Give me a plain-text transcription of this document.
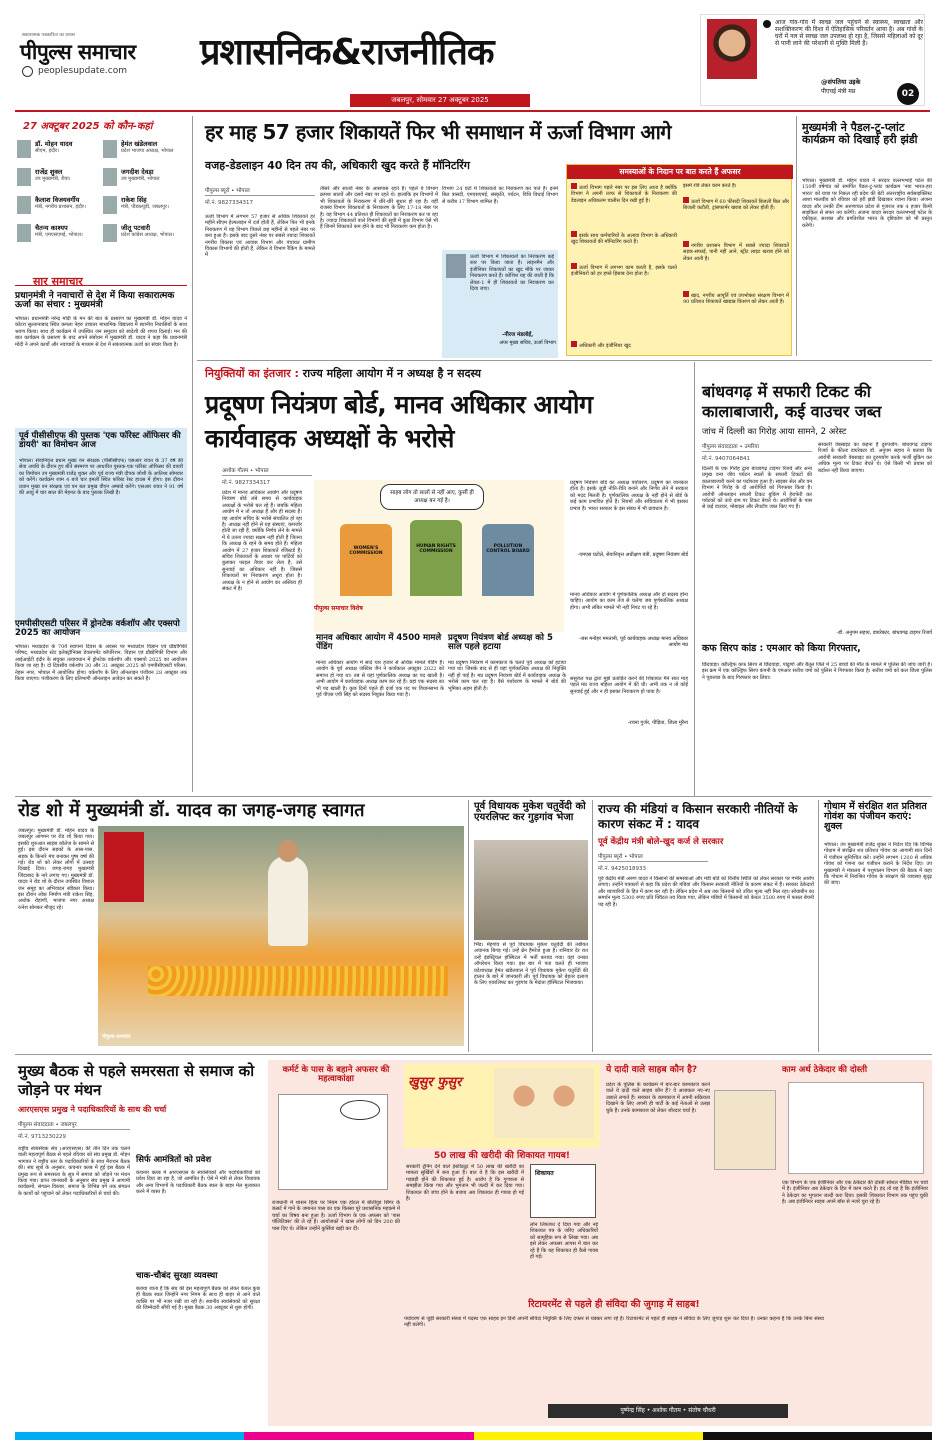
सकारात्मक पत्रकारिता का प्रयास
पीपुल्स समाचार
peoplesupdate.com प्रशासनिक&राजनीतिक
जबलपुर, सोमवार 27 अक्टूबर 2025
आज गांव-गांव में स्वच्छ जल पहुंचने से स्वास्थ्य, स्वच्छता और सशक्तिकरण की दिशा में ऐतिहासिक परिवर्तन आया है। अब गांवों के घरों में नल से स्वच्छ जल उपलब्ध हो रहा है, जिससे महिलाओं को दूर से पानी लाने की परेशानी से मुक्ति मिली है।
@संपतिया उइके
पीएचई मंत्री मप्र	02
27 अक्टूबर 2025 को कौन-कहां
डॉ. मोहन यादव
सीएम, इंदौर।
हेमंत खंडेलवाल
प्रदेश भाजपा अध्यक्ष, भोपाल
राजेंद्र शुक्ल
उप मुख्यमंत्री, रीवा।
जगदीश देवड़ा
उप मुख्यमंत्री, भोपाल
कैलाश विजयवर्गीय
मंत्री, नगरीय प्रशासन, इंदौर।
राकेश सिंह
मंत्री, पीडब्ल्यूडी, जबलपुर।
चैतन्य काश्यप
मंत्री, एमएसएमई, भोपाल।
जीतू पटवारी
प्रदेश कांग्रेस अध्यक्ष, भोपाल।
सार समाचार
प्रधानमंत्री ने नवाचारों से देश में किया सकारात्मक ऊर्जा का संचार : मुख्यमंत्री
भोपाल। प्रधानमंत्री नरेन्द्र मोदी के मन की बात के प्रसारण का मुख्यमंत्री डॉ. मोहन यादव ने कोटरा सुल्तानाबाद स्थित कमला नेहरु उच्चतर माध्यमिक विद्यालय में स्थानीय निवासियों के साथ श्रवण किया। साथ ही कार्यक्रम में उपस्थित जन समुदाय को स्वदेशी की शपथ दिलाई। मन की बात कार्यक्रम के प्रसारण के बाद अपने संबोधन में मुख्यमंत्री डॉ. यादव ने कहा कि प्रधानमंत्री मोदी ने अपने कार्यों और नवाचारों के माध्यम से देश में सकारात्मक ऊर्जा का संचार किया है।
पूर्व पीसीसीएफ की पुस्तक 'एक फॉरेस्ट ऑफिसर की डायरी' का विमोचन आज
भोपाल। सेवानिवृत्त प्रधान मुख्य वन संरक्षक (पीसीसीएफ) एसआर रावत के 37 वर्ष की सेवा अवधि के दौरान हुए बीते संस्मरण पर आधारित पुस्तक-एक फॉरेस्ट ऑफिसर की डायरी का विमोचन उप मुख्यमंत्री राजेंद्र शुक्ल और पूर्व राज्य मंत्री दीपक जोशी के आतिथ्य सोमवार को करेंगे। कार्यक्रम शाम 4 बजे चार इमली स्थित फॉरेस्ट रेस्ट हाउस में होगा। इस दौरान प्रधान मुख्य वन संरक्षक एवं वन बल प्रमुख वीएन अम्बाडे करेंगे। एसआर रावत ने 91 वर्ष की आयु में चार साल की मेहनत के बाद पुस्तक लिखी है।
एमपीसीएसटी परिसर में ड्रोनटेक वर्कशॉप और एक्सपो 2025 का आयोजन
भोपाल। मध्यप्रदेश के 70वें स्थापना दिवस के अवसर पर मध्यप्रदेश विज्ञान एवं प्रौद्योगिकी परिषद, मध्यप्रदेश स्टेट इलेक्ट्रॉनिक्स डेवलपमेंट कॉर्पोरेशन, विज्ञान एवं प्रौद्योगिकी विभाग और आईआईटी इंदौर के संयुक्त तत्वावधान में ड्रोनटेक वर्कशॉप और एक्सपो 2025 का आयोजन किया जा रहा है। दो दिवसीय वर्कशॉप 30 और 31 अक्टूबर 2025 को एमपीसीएसटी परिसर, नेहरू नगर, भोपाल में आयोजित होगा। वर्कशॉप के लिए ऑनलाइन पंजीयन 28 अक्टूबर तक किया जाएगा। पंजीकरण के लिए प्रतिभागी ऑनलाइन आवेदन कर सकते हैं।
हर माह 57 हजार शिकायतें फिर भी समाधान में ऊर्जा विभाग आगे
वजह-डेडलाइन 40 दिन तय की, अधिकारी खुद करते हैं मॉनिटरिंग
पीपुल्स ब्यूरो • भोपाल
मो.नं. 9827334317
ऊर्जा विभाग में लगभग 57 हजार से अधिक शिकायतें हर महीने सीएम हेल्पलाइन में दर्ज होती हैं, लेकिन फिर भी इनके निराकरण में यह विभाग पिछले छह महीनों से पहले नंबर पर बना हुआ है। इसके बाद दूसरे नंबर पर सबसे ज्यादा शिकायतें नगरीय विकास एवं आवास विभाग और पंचायत ग्रामीण विकास विभागों की होती हैं, लेकिन ये विभाग रैंकिंग के मामले में
तीसरे और सातवें नंबर के आसपास रहते हैं। पहले ये विभाग क्रमशः सातवें और दसवें नंबर पर रहते थे। हालांकि इन विभागों में भी शिकायतों के निराकरण में धीरे-धीरे सुधार हो रहा है। वहीं राजस्व विभाग शिकायतों के निराकरण के लिए 17-18 नंबर पर है। यह विभाग 44 प्रतिशत ही शिकायतों का निराकरण कर पा रहा है। ज्यादा शिकायतों वाले विभागों की सूची में कुछ विभाग ऐसे भी हैं जिनमें शिकायतें कम होने के बाद भी निराकरण कम होता है।
विभाग 24 घंटों में शिकायतों का निराकरण कर पाते हैं। इनमें बिल त्रासदी, एमएसएमई, संस्कृति, पर्यटन, विधि विधाई विभाग से करीब 17 विभाग शामिल हैं।
ऊर्जा विभाग में शिकायतों का निराकरण कई स्तर पर किया जाता है। लाइनमैन और इंजीनियर शिकायतों का खुद मौके पर जाकर निराकरण करते हैं। कोशिश यह की जाती है कि लेवल-1 में ही शिकायतों का निराकरण कर दिया जाए।
-नीरज मंडलोई,
अपर मुख्य सचिव, ऊर्जा विभाग
समस्याओं के निदान पर बात करते हैं अफसर
ऊर्जा विभाग पहले नंबर पर इस लिए आता है क्योंकि विभाग ने अपनी तरफ से शिकायतों के निराकरण की डेडलाइन अधिकतम चालीस दिन रखी हुई है।
इसके साथ कर्मचारियों के अलावा विभाग के अधिकारी खुद शिकायतों की मॉनिटरिंग करते हैं।
ऊर्जा विभाग में लगभग काम करती है, इसके चलते इंजीनियरों को हर हफ्ते हिसाब देना होता है।
अधिकारी और इंजीनियर खुद
इसमें रवि लेकर काम करते हैं।
ऊर्जा विभाग में 60 फीसदी शिकायतें बिजली बिल और बिजली कटौती, ट्रांसफार्मर खराब को लेकर होती हैं।
नगरीय प्रशासन विभाग में सबसे ज्यादा शिकायतें सड़क-सफाई, पानी नहीं आने, स्ट्रीट लाइट खराब होने को लेकर आती है।
खाद, नगरीय आपूर्ति एवं उपभोक्ता संरक्षण विभाग में 90 प्रतिशत शिकायतें खाद्यान्न वितरण को लेकर आती हैं।
मुख्यमंत्री ने पैडल-टू-प्लांट कार्यक्रम को दिखाई हरी झंडी
भोपाल। मुख्यमंत्री डॉ. मोहन यादव ने सरदार वल्लभभाई पटेल की 150वीं वर्षगांठ को समर्पित पैडल-टू-प्लांट कार्यक्रम 'नया भारत-हरा भारत' को यात्रा पर निकल रही प्रदेश की बेटी अंतरराष्ट्रीय सर्वसाइक्लिस्ट आशा मालवीय को रविवार को हरी झंडी दिखाकर रवाना किया। अंजना यादव और उनकी टीम अरुणाचल प्रदेश से गुजरात तक 4 हजार किमी साइकिल से सफर तय करेंगी। अंजना यादव सरदार वल्लभभाई पटेल के एकीकृत, सशक्त और प्रगतिशील भारत के दृष्टिकोण को भी प्रस्तुत करेंगी।
नियुक्तियों का इंतजार : राज्य महिला आयोग में न अध्यक्ष है न सदस्य
प्रदूषण नियंत्रण बोर्ड, मानव अधिकार आयोग कार्यवाहक अध्यक्षों के भरोसे
अशोक गौतम • भोपाल
मो.नं. 9827334317
प्रदेश में मानव अधिकार आयोग और प्रदूषण नियंत्रण बोर्ड लंबे समय से कार्यवाहक अध्यक्षों के भरोसे चल रहे हैं। जबकि महिला आयोग में न तो अध्यक्ष हैं और ही सदस्य हैं। यह आयोग सचिव के भरोसे संचालित हो रहा है। अध्यक्ष नहीं होने से यह संस्थाएं, कमजोर होती जा रही हैं, क्योंकि निर्णय लेने के मामले में ये उतना ज्यादा सक्षम नहीं होती हैं जितना कि अध्यक्ष के रहने के समय होते हैं। महिला आयोग में 27 हजार शिकायतें रजिस्टर्ड हैं। सचिव शिकायतों के आधार पर पार्टियों को बुलाकर फाइल तैयार कर लेता है, उसे सुनवाई का अधिकार नहीं है। जिससे शिकायतों पर निराकरण अधूरा होता है। अध्यक्ष के न होने से आयोग का अस्तित्व ही संकट में है।
साहब लोग तो सालों से नहीं आए, कुर्सी ही अध्यक्ष बन गई है।
WOMEN'S COMMISSION
HUMAN RIGHTS COMMISSION
POLLUTION CONTROL BOARD
पीपुल्स समाचार विशेष
मानव अधिकार आयोग में 4500 मामले पेंडिंग
मानव अधिकार आयोग में सादे चार हजार से अधिक मामले पेंडिंग हैं। आयोग के पूर्व अध्यक्ष जस्टिस जैन ने कार्यकाल अक्टूबर 2022 को समाप्त हो गया था। तब से यहां पूर्णकालिक अध्यक्ष का पद खाली है। अभी आयोग में कार्यवाहक अध्यक्ष काम कर रहे हैं। यहां एक सदस्य का भी पद खाली है। कुछ दिनों पहले ही दर्जा एक पद पर विधानसभा के पूर्व पीएस एपी सिंह को सदस्य नियुक्त किया गया है।
प्रदूषण नियंत्रण बोर्ड अध्यक्ष को 5 साल पहले हटाया
मप्र प्रदूषण नियंत्रण में कामकाज के चलते पूर्व अध्यक्ष को हटाया गया था। जिसके बाद से ही यहां पूर्णकालिक अध्यक्ष की नियुक्ति नहीं हो पाई है। मप्र प्रदूषण नियंत्रण बोर्ड में कार्यवाहक अध्यक्ष के भरोसे काम चल रहा है। वैसे पर्यावरण के मामले में बोर्ड की भूमिका अहम होती है।
प्रदूषण नियंत्रण बोर्ड का अध्यक्ष पर्यावरण, प्रदूषण का जानकार होता है। इसके जुड़ी नीति-रीति बनाने और निर्णय लेने में सरकार को मदद मिलती है। पूर्णकालिक अध्यक्ष के नहीं होने से बोर्ड के कई काम प्रभावित होते हैं। नियमों और सचिवालय में भी इसका प्रभाव है। भारत सरकार के इस संबंध में भी प्रावधान है।
-एमएस घटोले, सेवानिवृत्त अधीक्षण यंत्री, प्रदूषण नियंत्रण बोर्ड
मानव अधिकार आयोग में पूर्णकालिक अध्यक्ष और दो सदस्य होना चाहिए। आयोग का काम तेज से चलेगा जब पूर्णकालिक अध्यक्ष होगा। अभी लंबित मामले भी नहीं निपट पा रहे हैं।
-जस मनोहर ममतानी, पूर्व कार्यवाहक अध्यक्ष मानव अधिकार आयोग मप्र
ससुराल पक्ष द्वारा मुझे प्रताड़ित करने की शिकायत मैंने सात माह पहले मप्र राज्य महिला आयोग में की थी। अभी तक न तो कोई सुनवाई हुई और न ही इसका निराकरण हो पाया है।
-रचना गुर्जर, पीड़िता, जिला मुरैना
बांधवगढ़ में सफारी टिकट की कालाबाजारी, कई वाउचर जब्त
जांच में दिल्ली का गिरोह आया सामने, 2 अरेस्ट
पीपुल्स संवाददाता • उमरिया
मो.नं. 9407064841
दिल्ली के एक गिरोह द्वारा बांधवगढ़ टाइगर रिजर्व और अन्य प्रमुख वन्य जीव पर्यटन स्थलों के सफारी टिकटों की कालाबाजारी करने का पर्दाफाश हुआ है। साइबर सेल और वन विभाग ने गिरोह के दो आरोपियों को गिरफ्तार किया है। आरोपी ऑनलाइन सफारी टिकट बुकिंग में हेराफेरी कर पर्यटकों को ऊंचे दाम पर टिकट बेचते थे। आरोपियों के पास से कई वाउचर, मोबाइल और लैपटॉप जब्त किए गए हैं।
सरकारी वेबसाइट का कहना है दुरुपयोग: बांधवगढ़ टाइगर रिजर्व के फील्ड डायरेक्टर डॉ. अनुपम सहाय ने बताया कि आरोपी सरकारी वेबसाइट का दुरुपयोग करके फर्जी बुकिंग कर अधिक मूल्य पर टिकट बेचते थे। ऐसे किसी भी प्रयास को बर्दाश्त नहीं किया जाएगा।
-डॉ. अनुपम सहाय, डायरेक्टर, बांधवगढ़ टाइगर रिजर्व
कफ सिरप कांड : एमआर को किया गिरफ्तार,
छिंदवाड़ा। कोल्ड्रिफ कफ सिरप से छिंदवाड़ा, पांढुर्णा और बैतूल जिले में 25 बच्चों की मौत के मामले में पुलिस की जांच जारी है। इस क्रम में एक कोल्ड्रिफ सिरप कंपनी के एमआर सतीश वर्मा को पुलिस ने गिरफ्तार किया है। सतीश वर्मा को कल जिला पुलिस ने पूछताछ के बाद गिरफ्तार कर लिया।
रोड शो में मुख्यमंत्री डॉ. यादव का जगह-जगह स्वागत
जबलपुर। मुख्यमंत्री डॉ. मोहन यादव के जबलपुर आगमन पर रोड शो किया गया। इसकी शुरुआत साइंस कॉलेज के सामने से हुई। इस दौरान सड़कों के आस-पास, सड़क के किनारे मंच बनाकर पुष्प वर्षा की गई। रोड शो को लेकर लोगों में उत्साह दिखाई दिया। जगह-जगह मुख्यमंत्री जिंदाबाद के नारे लगाए गए। मुख्यमंत्री डॉ. यादव ने रोड शो के दौरान उपस्थित विशाल जन समूह का अभिवादन स्वीकार किया। इस दौरान लोक निर्माण मंत्री राकेश सिंह, अशोक रोहाणी, भाजपा नगर अध्यक्ष रत्नेश सोनकर मौजूद रहे।
पीपुल्स समाचार
पूर्व विधायक मुकेश चतुर्वेदी को एयरलिफ्ट कर गुड़गांव भेजा
भिंड। मेहगांव से पूर्व विधायक मुकेश चतुर्वेदी की तबीयत अचानक बिगड़ गई। उन्हें ब्रेन हैमरेज हुआ है। शनिवार देर रात उन्हें इंडस्ट्रियल हॉस्पिटल में भर्ती कराया गया। वहां उनका ऑपरेशन किया गया। इस बार में पता चलते ही भाजपा प्रदेशाध्यक्ष हेमंत खंडेलवाल ने पूर्व विधायक मुकेश चतुर्वेदी की हालत के बारे में जानकारी ली। पूर्व विधायक को बेहतर इलाज के लिए एयरलिफ्ट कर गुड़गांव के मेदांता हॉस्पिटल भिजवाया।
राज्य की मंडियां व किसान सरकारी नीतियों के कारण संकट में : यादव
पूर्व केंद्रीय मंत्री बोले-खुद कर्ज ले सरकार
पीपुल्स ब्यूरो • भोपाल
मो.नं. 9425018933
पूर्व केंद्रीय मंत्री अरुण यादव ने किसानों की समस्याओं और मंडी बोर्ड को वित्तीय स्थिति को लेकर सरकार पर गंभीर आरोप लगाए। उन्होंने पत्रकारों से कहा कि प्रदेश की मंडियां और किसान सरकारी नीतियों के कारण संकट में हैं। सरकार ठेकेदारों और व्यापारियों के हित में काम कर रही है। लेकिन प्रदेश में अब तक किसानों को उचित मूल्य नहीं मिल रहा। सोयाबीन का समर्थन मूल्य 5300 रुपए प्रति क्विंटल तय किया गया, लेकिन मंडियों में किसानों को केवल 3500 रुपए में फसल बेचनी पड़ रही है।
गोधाम में संरक्षित शत प्रतिशत गोवंश का पंजीयन कराएं: शुक्ल
भोपाल। उप मुख्यमंत्री राजेंद्र शुक्ल ने निर्देश दिए कि विभिन्न गोधाम में संरक्षित शत प्रतिशत गोवंश का आगामी सात दिनों में पंजीयन सुनिश्चित करें। उन्होंने लगभग 1200 से अधिक गोवंश को गणना कर पंजीयन कराने के निर्देश दिए। उप मुख्यमंत्री ने मंत्रालय में पशुपालन विभाग की बैठक में कहा कि गोधाम में निराश्रित गोवंश के संरक्षण की व्यवस्था सुदृढ़ की जाए।
मुख्य बैठक से पहले समरसता से समाज को जोड़ने पर मंथन
आरएसएस प्रमुख ने पदाधिकारियों के साथ की चर्चा
पीपुल्स संवाददाता • जबलपुर
मो.नं. 9713230229
राष्ट्रीय स्वयंसेवक संघ (आरएसएस) की तीन दिन तक चलने वाली महत्वपूर्ण बैठक से पहले रविवार को संघ प्रमुख डॉ. मोहन भागवत ने राष्ट्रीय स्तर के पदाधिकारियों के साथ मैराथन बैठक की। संघ सूत्रों के अनुसार, कचनार क्लब में हुई इस बैठक में प्रमुख रूप से समरसता के सूत्र में समाज को जोड़ने पर मंथन किया गया। प्राप्त जानकारी के अनुसार संघ प्रमुख ने आगामी कार्यक्रमों, संगठन विस्तार, समाज के विभिन्न वर्ग तक संगठन के कार्यों को पहुंचाने को लेकर पदाधिकारियों से चर्चा की।
सिर्फ आमंत्रितों को प्रवेश
कचनार क्लब में आरएसएस के स्वयंसेवकों और पदाधिकारियों को प्रवेश दिया जा रहा है, जो आमंत्रित हैं। ऐसे में मंत्री से लेकर विधायक और अन्य विभागों के पदाधिकारी बैठक स्थल के बाहर मेल मुलाकात करने में व्यस्त हैं।
चाक-चौबंद सुरक्षा व्यवस्था
बताया जाता है कि संघ की इस महत्वपूर्ण बैठक को लेकर केवल कुछ ही बैठक स्थल जिन्होंने नगर निगम के साथ ही बाहर से आने वाले व्यक्ति पर भी नजर रखी जा रही है। स्थानीय स्वयंसेवकों को सुरक्षा की जिम्मेदारी सौंपी गई है। मुख्य बैठक 30 अक्टूबर से शुरू होगी।
कर्मर्ट के पास के बहाने अफसर की महत्वाकांक्षा
राजधानी में शासन हित्य पर नियम एक होटल में बॉलीवुड सिंगर के कंसर्ट में गाने के जमानत पास का एक किस्सा पूरे प्रशासनिक महकमे में चर्चा का विषय बना हुआ है। ऊर्जा विभाग के एक अफसर को 'पास पॉलिटिक्स' की ले रहे हैं। आयोजकों ने खास लोगों को डिन 200 फ्री पास दिए थे। लेकिन उन्होंने कुर्सियां खड़ी कर दीं।
खुसुर फुसुर
50 लाख की खरीदी की शिकायत गायब!
सरकारी ट्रेनिंग देने वाले इंस्टीट्यूट में 50 लाख की खरीदी का मामला सुर्खियों में बना हुआ है। बात ये है कि इस खरीदी में गड़बड़ी होने की शिकायत हुई है। आरोप है कि गुणवत्ता से समझौता किया गया और भुगतान भी जल्दी में कर दिया गया। शिकायत की जांच होने के बजाय अब शिकायत ही गायब हो गई है।
शिकायत
लोन लिफाफा दे दिया गया और नई शिकायत पत्र के जरिए अधिकारियों को सामूहिक रूप से लिखा गया। अब इसे लेकर अफसर आपस में बात कर रहे हैं कि यह शिकायत ही कैसे गायब हो गई।
ये दादी वाले साहब कौन है?
प्रदेश के पुलिस के कार्यक्रम में बार-बार कामकाज करने वाले ये दादी वाले साहब कौन हैं? वे आजकल नए-नए उछाले लगाते हैं। सरकार के कामकाज में अपनी सक्रियता दिखाने के लिए अपनी ही पार्टी के कई नेताओं से उलझ चुके हैं। उनके कामकाज को लेकर जोरदार चर्चा है।
काम अर्थ ठेकेदार की दोस्ती
एक विभाग के एक इंजीनियर और एक ठेकेदार की दोस्ती सोशल मीडिया पर चर्चा में है। इंजीनियर अब ठेकेदार के हित में काम करते हैं। हद तो यह है कि इंजीनियर ने ठेकेदार का भुगतान जल्दी करा दिया। इसकी शिकायत विभाग तक पहुंच चुकी है। अब इंजीनियर साहब अपने बॉस से नजरें चुरा रहे हैं।
रिटायरमेंट से पहले ही संविदा की जुगाड़ में साहब!
पर्यावरण से जुड़ी सरकारी संस्था में पदस्थ एक साहब इन दिनों अपनी संविदा नियुक्ति के लिए दफ्तर से चक्कर लगा रहे हैं। रिटायरमेंट से पहले ही साहब ने संविदा के लिए जुगाड़ शुरू कर दिया है। उनका कहना है कि उनके बिना संस्था नहीं चलेगी।
पुष्पेन्द्र सिंह • अशोक गौतम • संतोष चौधरी
